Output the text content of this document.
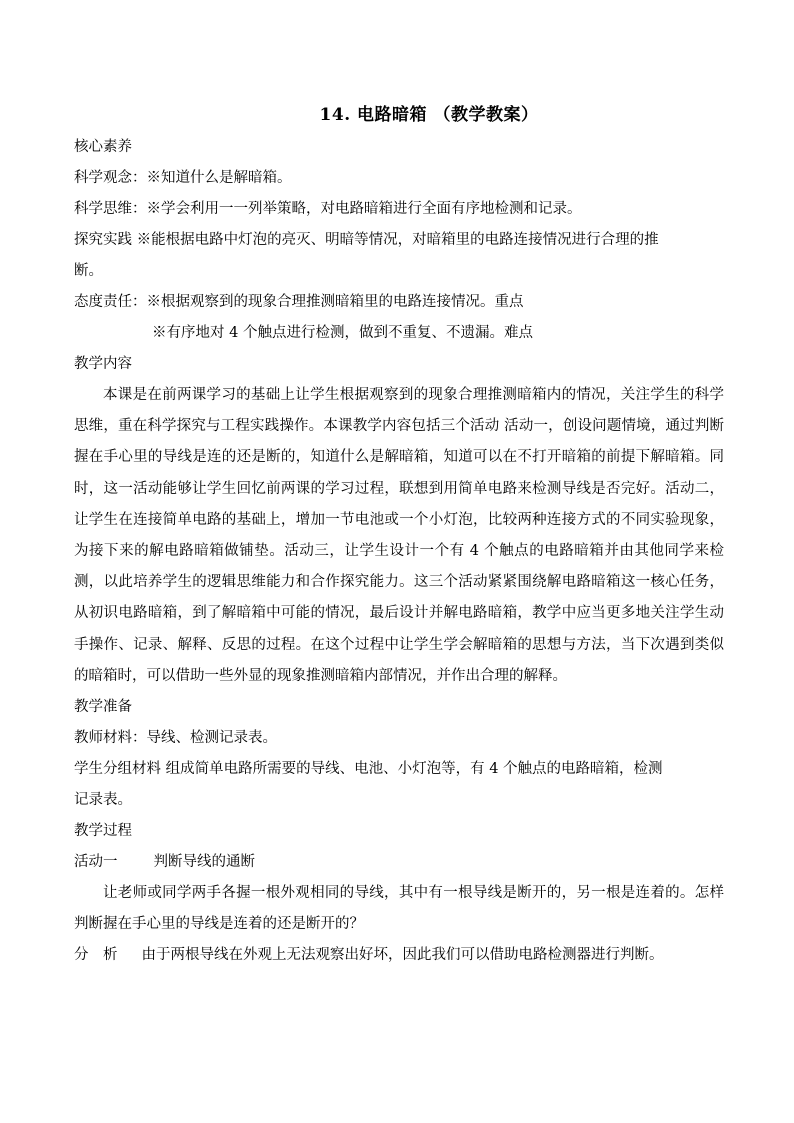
14. 电路暗箱 （教学教案）

核心素养

科学观念：※知道什么是解暗箱。

科学思维：※学会利用一一列举策略，对电路暗箱进行全面有序地检测和记录。

探究实践 ※能根据电路中灯泡的亮灭、明暗等情况，对暗箱里的电路连接情况进行合理的推

断。

态度责任：※根据观察到的现象合理推测暗箱里的电路连接情况。重点

※有序地对 4 个触点进行检测，做到不重复、不遗漏。难点

教学内容

本课是在前两课学习的基础上让学生根据观察到的现象合理推测暗箱内的情况，关注学生的科学思维，重在科学探究与工程实践操作。本课教学内容包括三个活动 活动一，创设问题情境，通过判断握在手心里的导线是连的还是断的，知道什么是解暗箱，知道可以在不打开暗箱的前提下解暗箱。同时，这一活动能够让学生回忆前两课的学习过程，联想到用简单电路来检测导线是否完好。活动二，让学生在连接简单电路的基础上，增加一节电池或一个小灯泡，比较两种连接方式的不同实验现象，为接下来的解电路暗箱做铺垫。活动三，让学生设计一个有 4 个触点的电路暗箱并由其他同学来检测，以此培养学生的逻辑思维能力和合作探究能力。这三个活动紧紧围绕解电路暗箱这一核心任务，从初识电路暗箱，到了解暗箱中可能的情况，最后设计并解电路暗箱，教学中应当更多地关注学生动手操作、记录、解释、反思的过程。在这个过程中让学生学会解暗箱的思想与方法，当下次遇到类似的暗箱时，可以借助一些外显的现象推测暗箱内部情况，并作出合理的解释。

教学准备

教师材料：导线、检测记录表。

学生分组材料 组成简单电路所需要的导线、电池、小灯泡等，有 4 个触点的电路暗箱，检测

记录表。

教学过程

活动一 判断导线的通断

让老师或同学两手各握一根外观相同的导线，其中有一根导线是断开的，另一根是连着的。怎样判断握在手心里的导线是连着的还是断开的？

分　析 由于两根导线在外观上无法观察出好坏，因此我们可以借助电路检测器进行判断。
